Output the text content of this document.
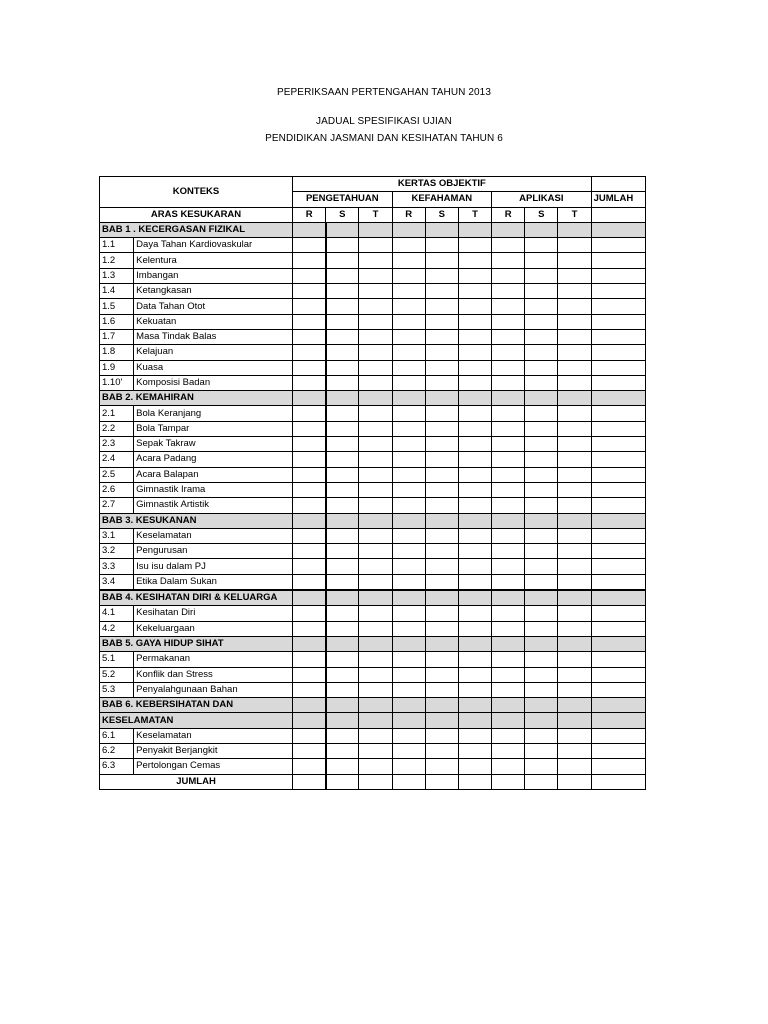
PEPERIKSAAN PERTENGAHAN TAHUN 2013
JADUAL SPESIFIKASI UJIAN
PENDIDIKAN JASMANI DAN KESIHATAN TAHUN 6
KONTEKS		KERTAS OBJEKTIF									
		PENGETAHUAN			KEFAHAMAN			APLIKASI			JUMLAH
ARAS KESUKARAN		R	S	T	R	S	T	R	S	T	
BAB 1 . KECERGASAN FIZIKAL											
1.1	Daya Tahan Kardiovaskular										
1.2	Kelentura										
1.3	Imbangan										
1.4	Ketangkasan										
1.5	Data Tahan Otot										
1.6	Kekuatan										
1.7	Masa Tindak Balas										
1.8	Kelajuan										
1.9	Kuasa										
1.10'	Komposisi Badan										
BAB 2. KEMAHIRAN											
2.1	Bola Keranjang										
2.2	Bola Tampar										
2.3	Sepak Takraw										
2.4	Acara Padang										
2.5	Acara Balapan										
2.6	Gimnastik Irama										
2.7	Gimnastik Artistik										
BAB 3. KESUKANAN											
3.1	Keselamatan										
3.2	Pengurusan										
3.3	Isu isu dalam PJ										
3.4	Etika Dalam Sukan										
BAB 4. KESIHATAN DIRI & KELUARGA											
4.1	Kesihatan Diri										
4.2	Kekeluargaan										
BAB 5. GAYA HIDUP SIHAT											
5.1	Permakanan										
5.2	Konflik dan Stress										
5.3	Penyalahgunaan Bahan										
BAB 6. KEBERSIHATAN DAN											
KESELAMATAN											
6.1	Keselamatan										
6.2	Penyakit Berjangkit										
6.3	Pertolongan Cemas										
JUMLAH											
